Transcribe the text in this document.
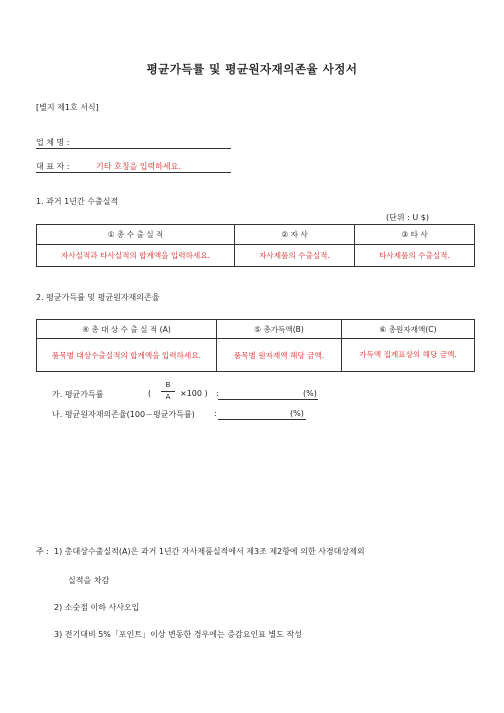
평균가득률 및 평균원자재의존율 사정서
[별지 제1호 서식]
업 체 명 :
대 표 자 :	기타 호칭을 입력하세요.
1. 과거 1년간 수출실적
(단위 : U $)
① 총 수 출 실 적	② 자 사	③ 타 사
자사실적과 타사실적의 합계액을 입력하세요.	자사제품의 수출실적.	타사제품의 수출실적.
2. 평균가득률 및 평균원자재의존율
④ 총 대 상 수 출 실 적 (A)	⑤ 총가득액(B)	⑥ 총원자재액(C)
품목별 대상수출실적의 합계액을 입력하세요.	품목별 원자재액 해당 금액.	가득액 집계표상의 해당 금액.
가. 평균가득률	(
B
A	×100 ) :	(%)
나. 평균원자재의존율(100－평균가득률) :	(%)
주 : 1) 총대상수출실적(A)은 과거 1년간 자사제품실적에서 제3조 제2항에 의한 사경대상제외
실적을 차감
2) 소숫점 이하 사사오입
3) 전기대비 5%「포인트」이상 변동한 경우에는 증감요인표 별도 작성
